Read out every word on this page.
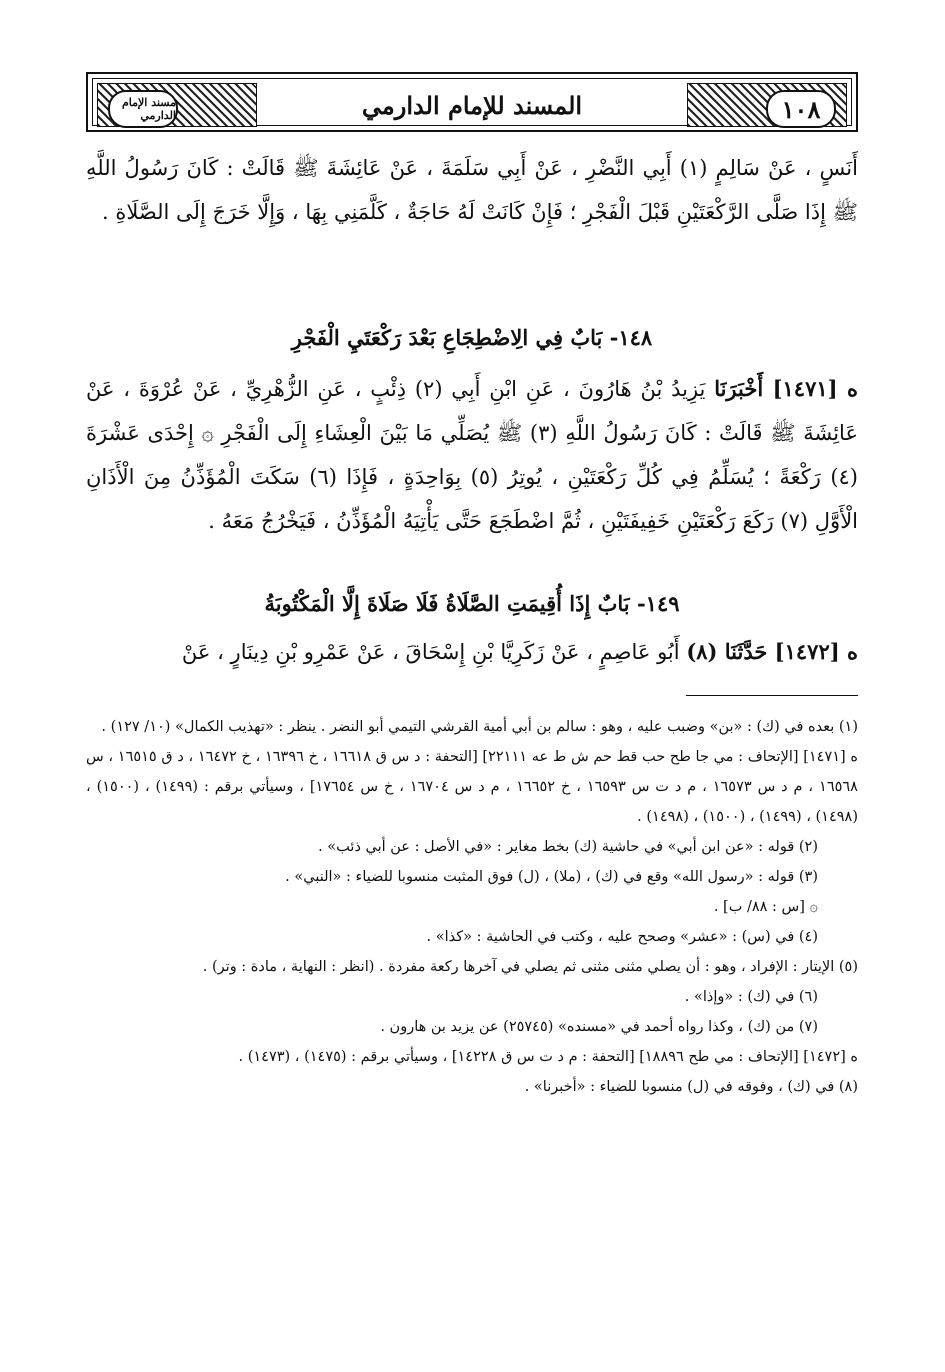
مسند الإمام الدارمي	المسند للإمام الدارمي	١٠٨
أَنَسٍ ، عَنْ سَالِمٍ (١) أَبِي النَّضْرِ ، عَنْ أَبِي سَلَمَةَ ، عَنْ عَائِشَةَ ﷺ قَالَتْ : كَانَ رَسُولُ اللَّهِ ﷺ إِذَا صَلَّى الرَّكْعَتَيْنِ قَبْلَ الْفَجْرِ ؛ فَإِنْ كَانَتْ لَهُ حَاجَةٌ ، كَلَّمَنِي بِهَا ، وَإِلَّا خَرَجَ إِلَى الصَّلَاةِ .
١٤٨- بَابٌ فِي الِاضْطِجَاعِ بَعْدَ رَكْعَتَيِ الْفَجْرِ
ه [١٤٧١] أَخْبَرَنَا يَزِيدُ بْنُ هَارُونَ ، عَنِ ابْنِ أَبِي (٢) ذِئْبٍ ، عَنِ الزُّهْرِيِّ ، عَنْ عُرْوَةَ ، عَنْ عَائِشَةَ ﷺ قَالَتْ : كَانَ رَسُولُ اللَّهِ (٣) ﷺ يُصَلِّي مَا بَيْنَ الْعِشَاءِ إِلَى الْفَجْرِ ۞ إِحْدَى عَشْرَةَ (٤) رَكْعَةً ؛ يُسَلِّمُ فِي كُلِّ رَكْعَتَيْنِ ، يُوتِرُ (٥) بِوَاحِدَةٍ ، فَإِذَا (٦) سَكَتَ الْمُؤَذِّنُ مِنَ الْأَذَانِ الْأَوَّلِ (٧) رَكَعَ رَكْعَتَيْنِ خَفِيفَتَيْنِ ، ثُمَّ اضْطَجَعَ حَتَّى يَأْتِيَهُ الْمُؤَذِّنُ ، فَيَخْرُجُ مَعَهُ .
١٤٩- بَابٌ إِذَا أُقِيمَتِ الصَّلَاةُ فَلَا صَلَاةَ إِلَّا الْمَكْتُوبَةُ
ه [١٤٧٢] حَدَّثَنَا (٨) أَبُو عَاصِمٍ ، عَنْ زَكَرِيَّا بْنِ إِسْحَاقَ ، عَنْ عَمْرِو بْنِ دِينَارٍ ، عَنْ

(١) بعده في (ك) : «بن» وضبب عليه ، وهو : سالم بن أبي أمية القرشي التيمي أبو النضر . ينظر : «تهذيب الكمال» (١٠/ ١٢٧) .

ه [١٤٧١] [الإتحاف : مي جا طح حب قط حم ش ط عه ٢٢١١١] [التحفة : د س ق ١٦٦١٨ ، خ ١٦٣٩٦ ، خ ١٦٤٧٢ ، د ق ١٦٥١٥ ، س ١٦٥٦٨ ، م د س ١٦٥٧٣ ، م د ت س ١٦٥٩٣ ، خ ١٦٦٥٢ ، م د س ١٦٧٠٤ ، خ س ١٧٦٥٤] ، وسيأتي برقم : (١٤٩٩) ، (١٥٠٠) ، (١٤٩٨) ، (١٤٩٩) ، (١٥٠٠) ، (١٤٩٨) .

(٢) قوله : «عن ابن أبي» في حاشية (ك) بخط مغاير : «في الأصل : عن أبي ذئب» .

(٣) قوله : «رسول الله» وقع في (ك) ، (ملا) ، (ل) فوق المثبت منسوبا للضياء : «النبي» .

۞ [س : ٨٨/ ب] .

(٤) في (س) : «عشر» وصحح عليه ، وكتب في الحاشية : «كذا» .

(٥) الإيتار : الإفراد ، وهو : أن يصلي مثنى مثنى ثم يصلي في آخرها ركعة مفردة . (انظر : النهاية ، مادة : وتر) .

(٦) في (ك) : «وإذا» .

(٧) من (ك) ، وكذا رواه أحمد في «مسنده» (٢٥٧٤٥) عن يزيد بن هارون .

ه [١٤٧٢] [الإتحاف : مي طح ١٨٨٩٦] [التحفة : م د ت س ق ١٤٢٢٨] ، وسيأتي برقم : (١٤٧٥) ، (١٤٧٣) .

(٨) في (ك) ، وفوقه في (ل) منسوبا للضياء : «أخبرنا» .
